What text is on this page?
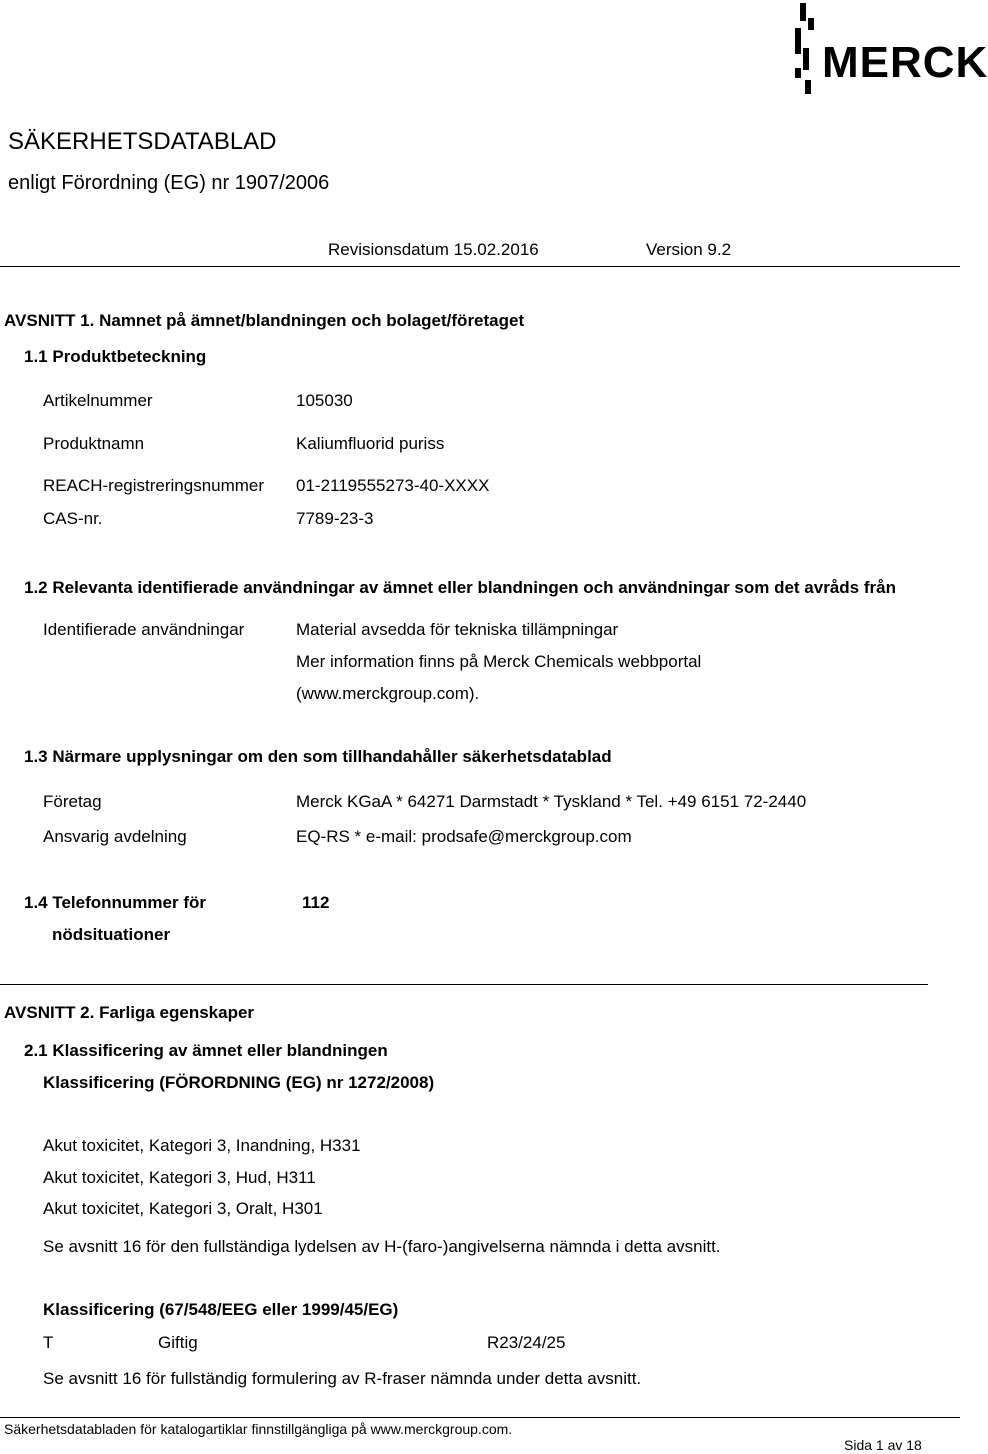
MERCK
SÄKERHETSDATABLAD
enligt Förordning (EG) nr 1907/2006
Revisionsdatum 15.02.2016	Version 9.2
AVSNITT 1. Namnet på ämnet/blandningen och bolaget/företaget
1.1 Produktbeteckning
Artikelnummer	105030
Produktnamn	Kaliumfluorid puriss
REACH-registreringsnummer 01-2119555273-40-XXXX
CAS-nr.	7789-23-3
1.2 Relevanta identifierade användningar av ämnet eller blandningen och användningar som det avråds från
Identifierade användningar	Material avsedda för tekniska tillämpningar
Mer information finns på Merck Chemicals webbportal
(www.merckgroup.com).
1.3 Närmare upplysningar om den som tillhandahåller säkerhetsdatablad
Företag	Merck KGaA * 64271 Darmstadt * Tyskland * Tel. +49 6151 72-2440
Ansvarig avdelning	EQ-RS * e-mail: prodsafe@merckgroup.com
1.4 Telefonnummer för
nödsituationer
112
AVSNITT 2. Farliga egenskaper
2.1 Klassificering av ämnet eller blandningen
Klassificering (FÖRORDNING (EG) nr 1272/2008)
Akut toxicitet, Kategori 3, Inandning, H331
Akut toxicitet, Kategori 3, Hud, H311
Akut toxicitet, Kategori 3, Oralt, H301
Se avsnitt 16 för den fullständiga lydelsen av H-(faro-)angivelserna nämnda i detta avsnitt.
Klassificering (67/548/EEG eller 1999/45/EG)
T	Giftig	R23/24/25
Se avsnitt 16 för fullständig formulering av R-fraser nämnda under detta avsnitt.
Säkerhetsdatabladen för katalogartiklar finnstillgängliga på www.merckgroup.com.
Sida 1 av 18
